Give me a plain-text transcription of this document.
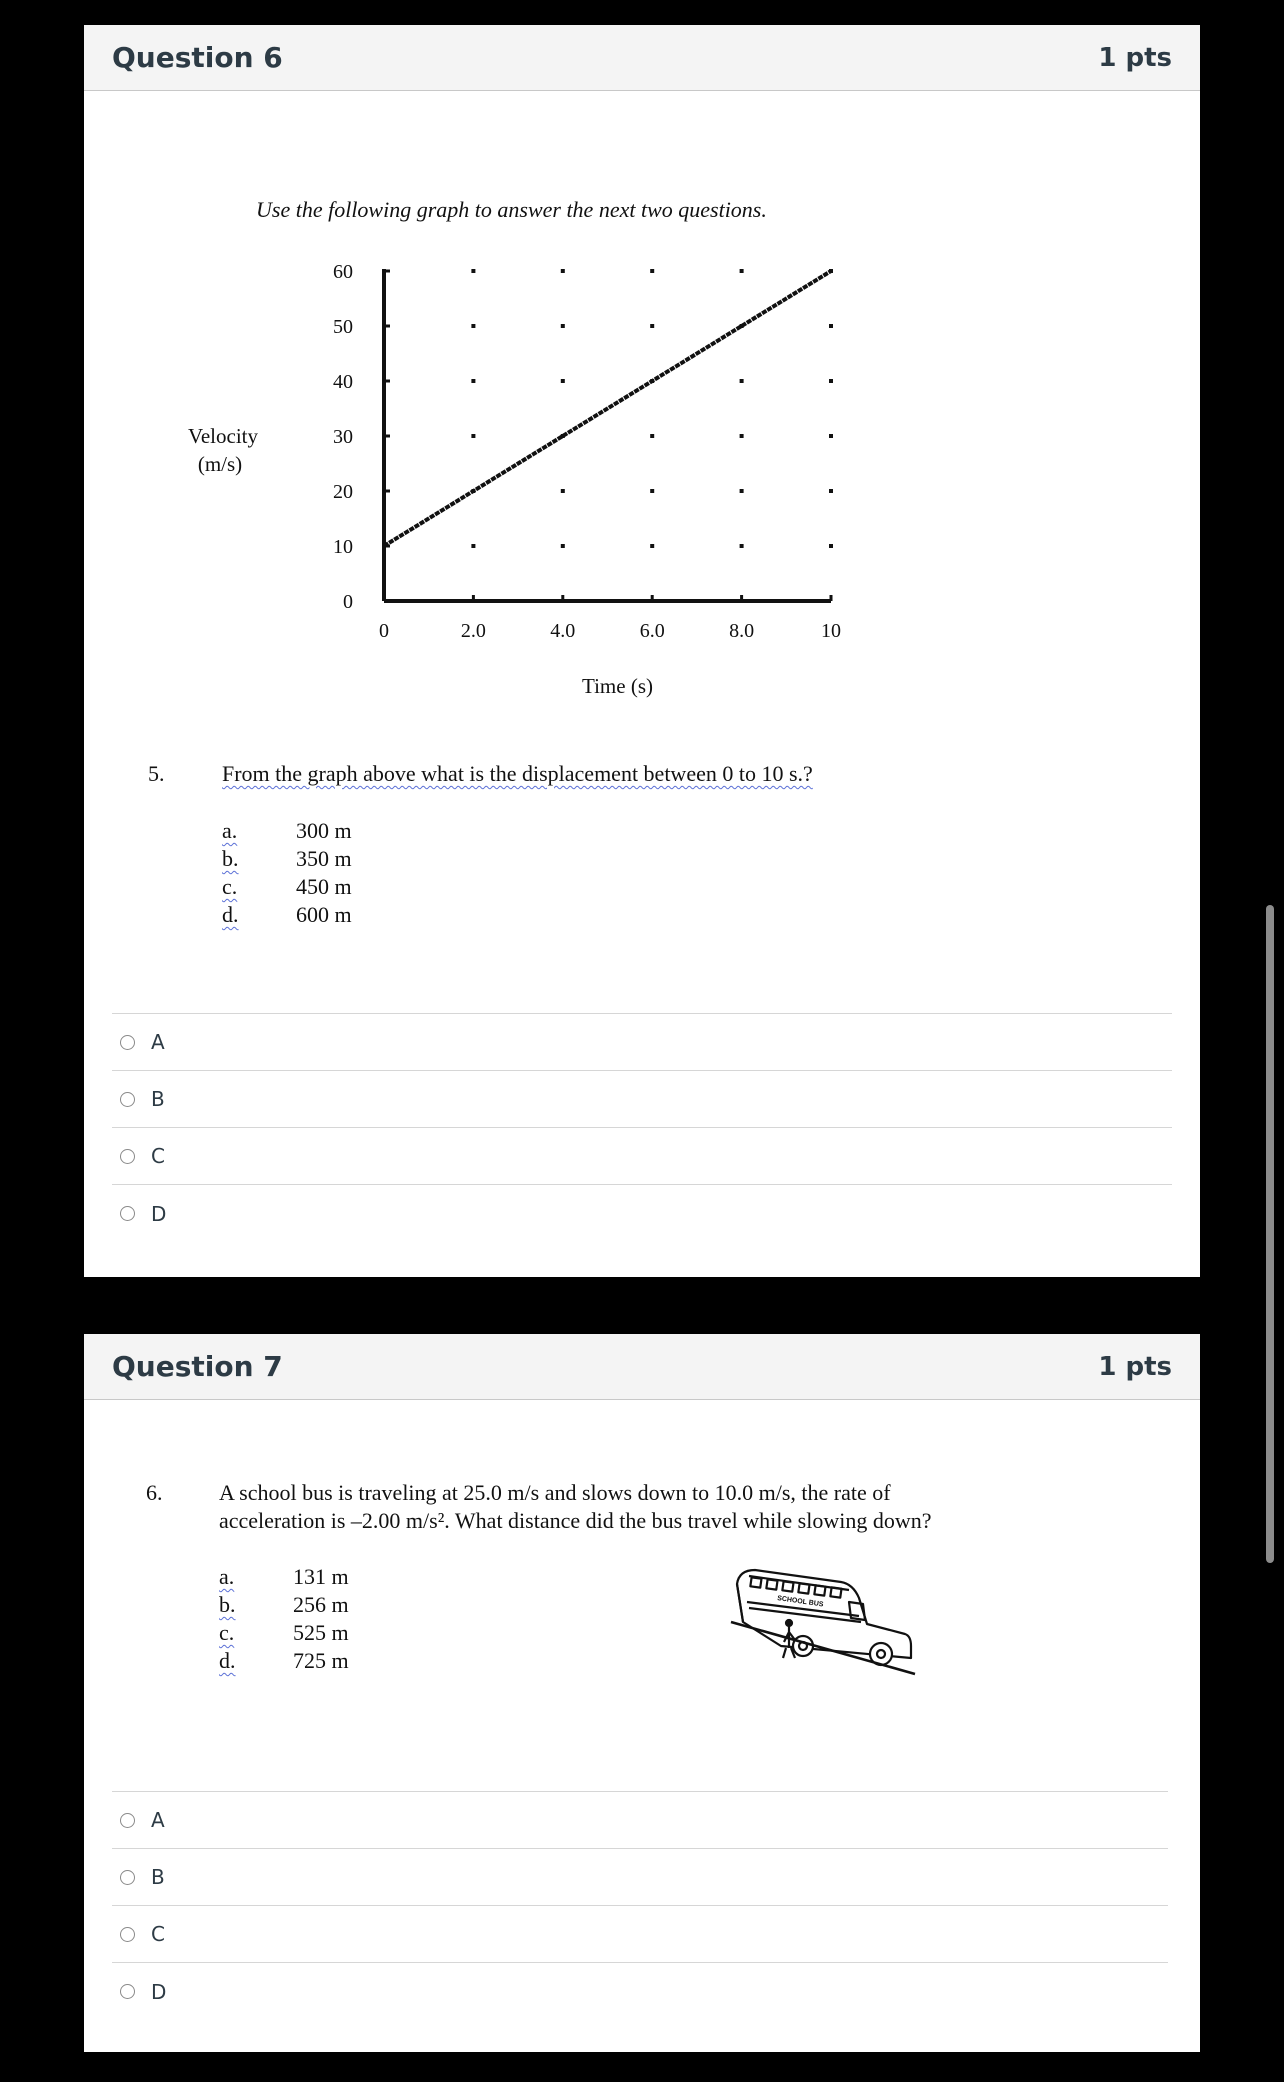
Question 6	1 pts
Use the following graph to answer the next two questions.
0
10
20
30
40
50
60
0	2.0	4.0	6.0	8.0	10
Time (s)
Velocity
(m/s)
5.	From the graph above what is the displacement between 0 to 10 s.?
a.	300 m
b.	350 m
c.	450 m
d.	600 m
A
B
C
D
Question 7	1 pts
6.	A school bus is traveling at 25.0 m/s and slows down to 10.0 m/s, the rate of
acceleration is –2.00 m/s². What distance did the bus travel while slowing down?
a.	131 m
b.	256 m
c.	525 m
d.	725 m
SCHOOL BUS
A
B
C
D
